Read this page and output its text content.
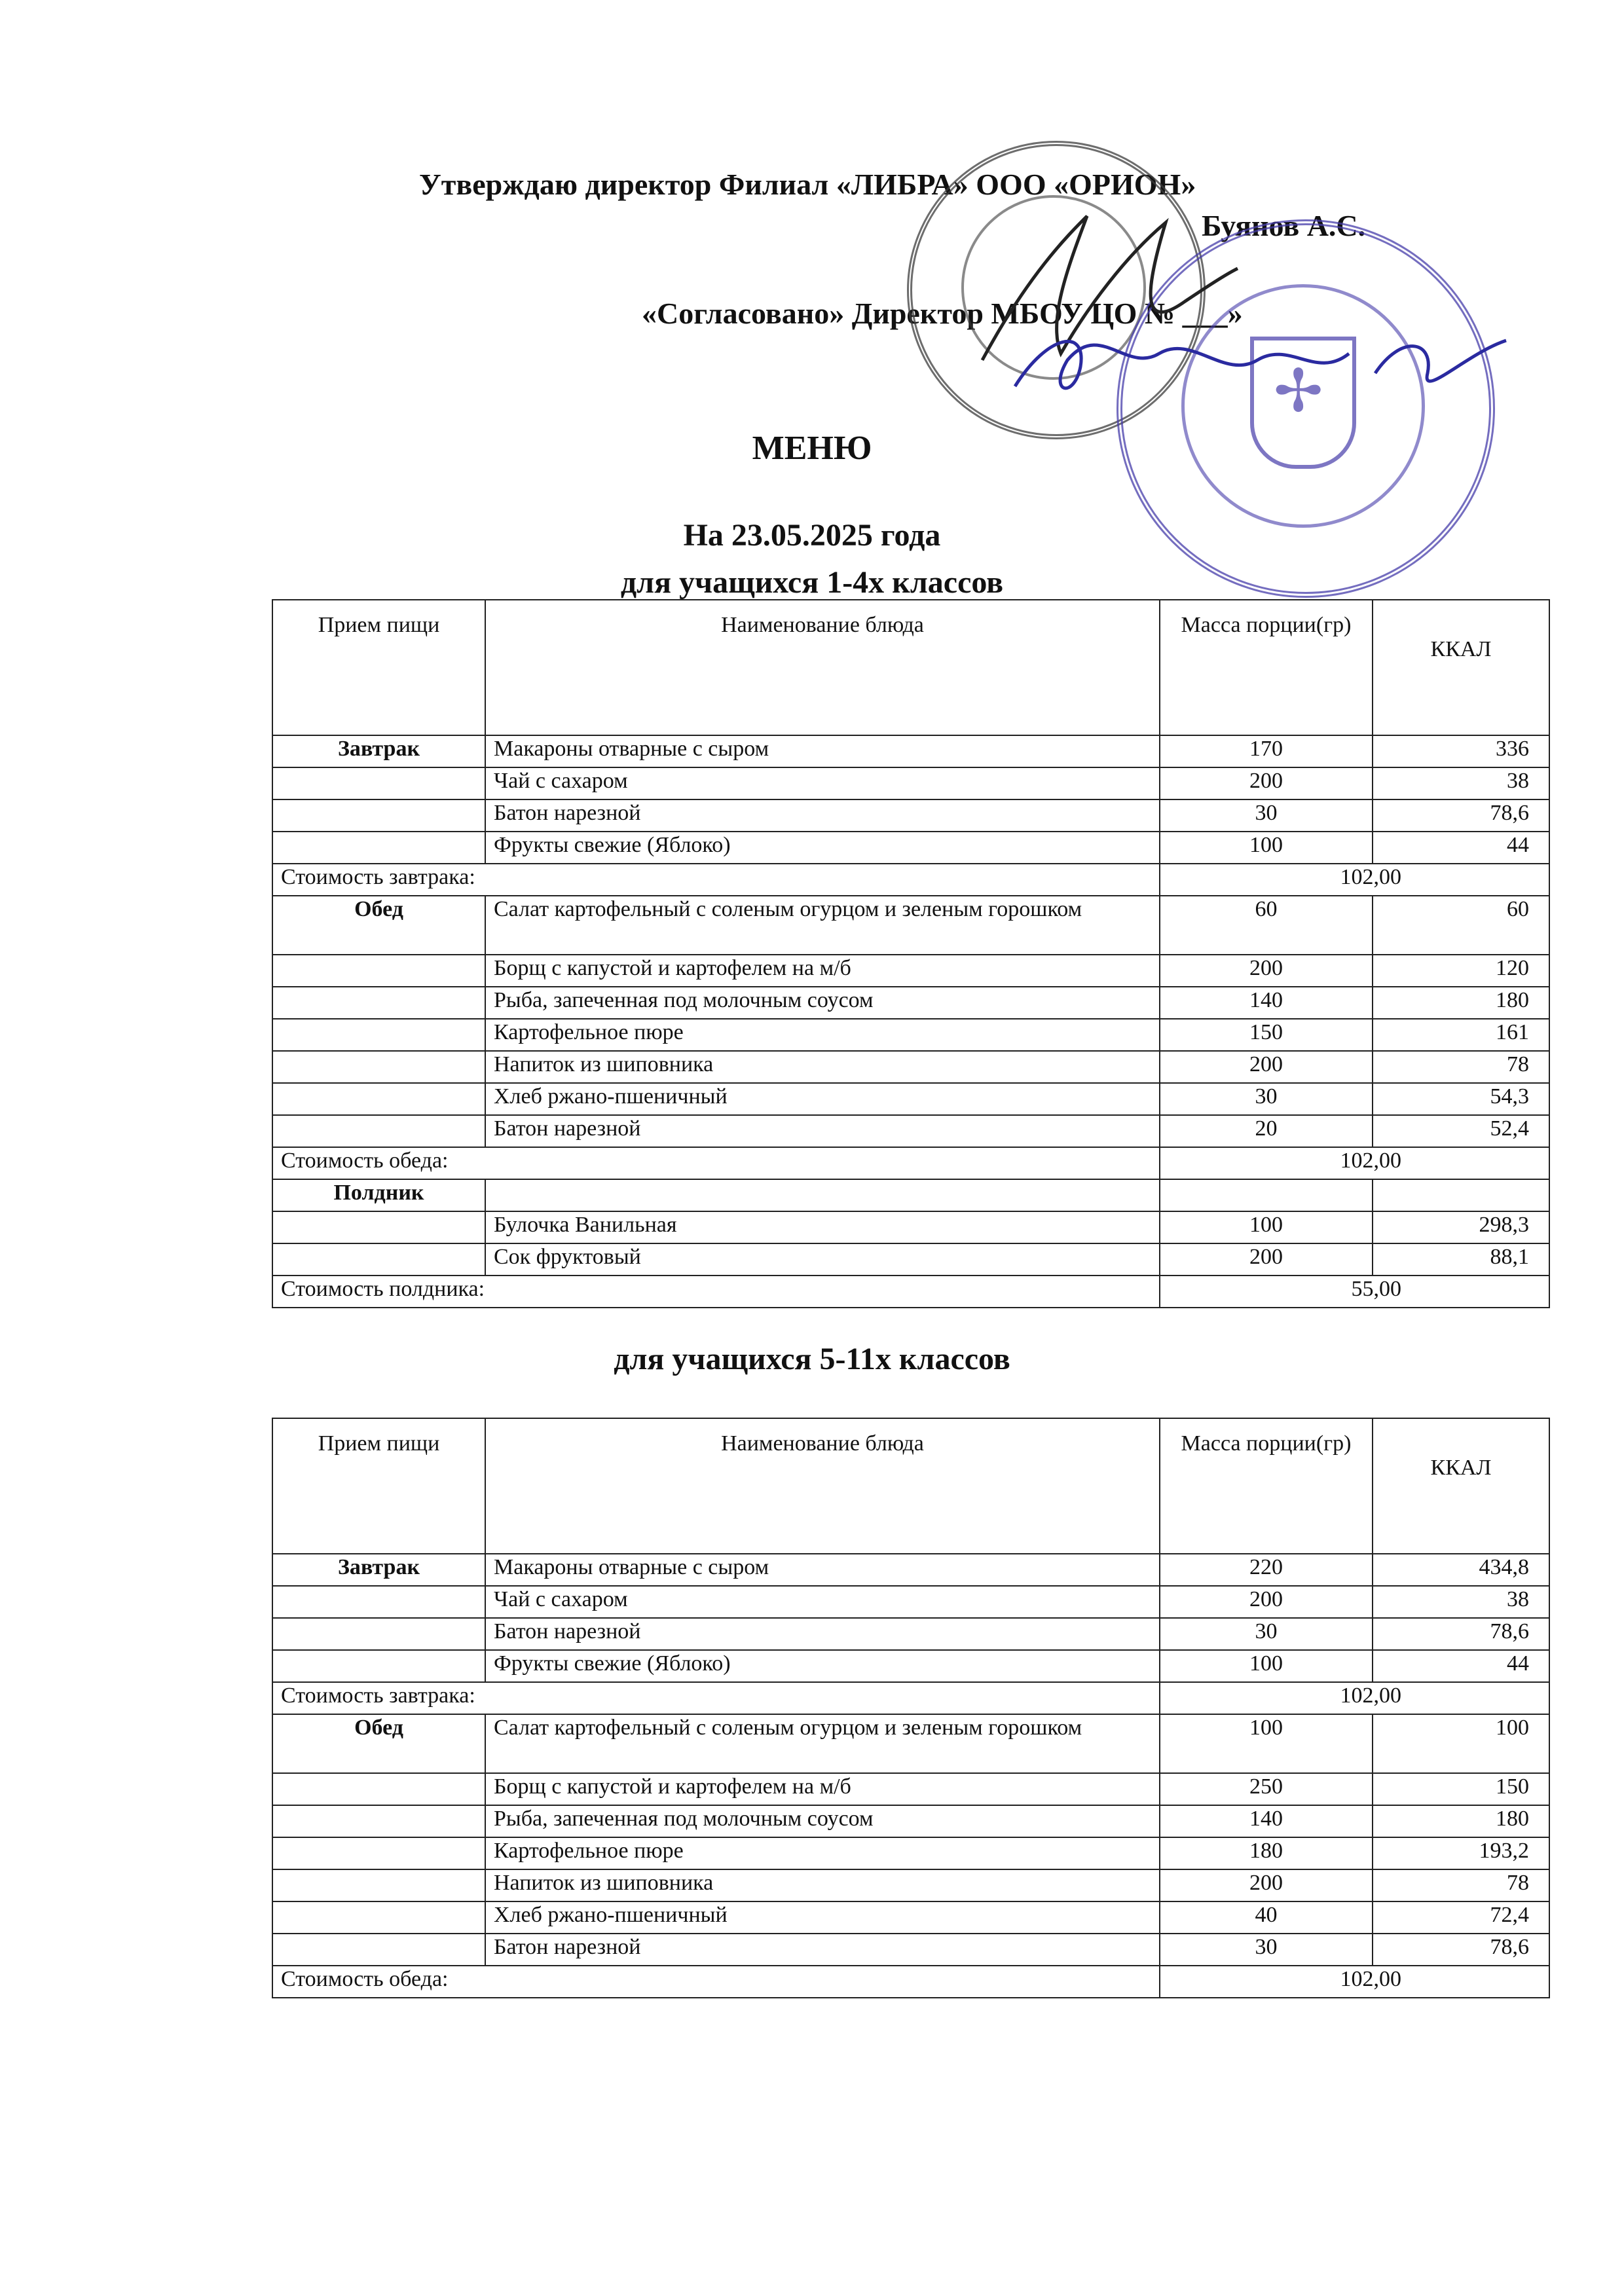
Утверждаю директор Филиал «ЛИБРА» ООО «ОРИОН»
Буянов А.С.
«Согласовано» Директор МБОУ ЦО № ___»
✢
МЕНЮ
На 23.05.2025 года
для учащихся 1-4х классов
для учащихся 5-11х классов
Прием пищи	Наименование блюда	Масса порции(гр)	ККАЛ
Завтрак	Макароны отварные с сыром	170	336
	Чай с сахаром	200	38
	Батон нарезной	30	78,6
	Фрукты свежие (Яблоко)	100	44
Стоимость завтрака:		102,00	
Обед	Салат картофельный с соленым огурцом и зеленым горошком	60	60
	Борщ с капустой и картофелем на м/б	200	120
	Рыба, запеченная под молочным соусом	140	180
	Картофельное пюре	150	161
	Напиток из шиповника	200	78
	Хлеб ржано-пшеничный	30	54,3
	Батон нарезной	20	52,4
Стоимость обеда:		102,00	
Полдник			
	Булочка Ванильная	100	298,3
	Сок фруктовый	200	88,1
Стоимость полдника:		55,00	
Прием пищи	Наименование блюда	Масса порции(гр)	ККАЛ
Завтрак	Макароны отварные с сыром	220	434,8
	Чай с сахаром	200	38
	Батон нарезной	30	78,6
	Фрукты свежие (Яблоко)	100	44
Стоимость завтрака:		102,00	
Обед	Салат картофельный с соленым огурцом и зеленым горошком	100	100
	Борщ с капустой и картофелем на м/б	250	150
	Рыба, запеченная под молочным соусом	140	180
	Картофельное пюре	180	193,2
	Напиток из шиповника	200	78
	Хлеб ржано-пшеничный	40	72,4
	Батон нарезной	30	78,6
Стоимость обеда:		102,00	
